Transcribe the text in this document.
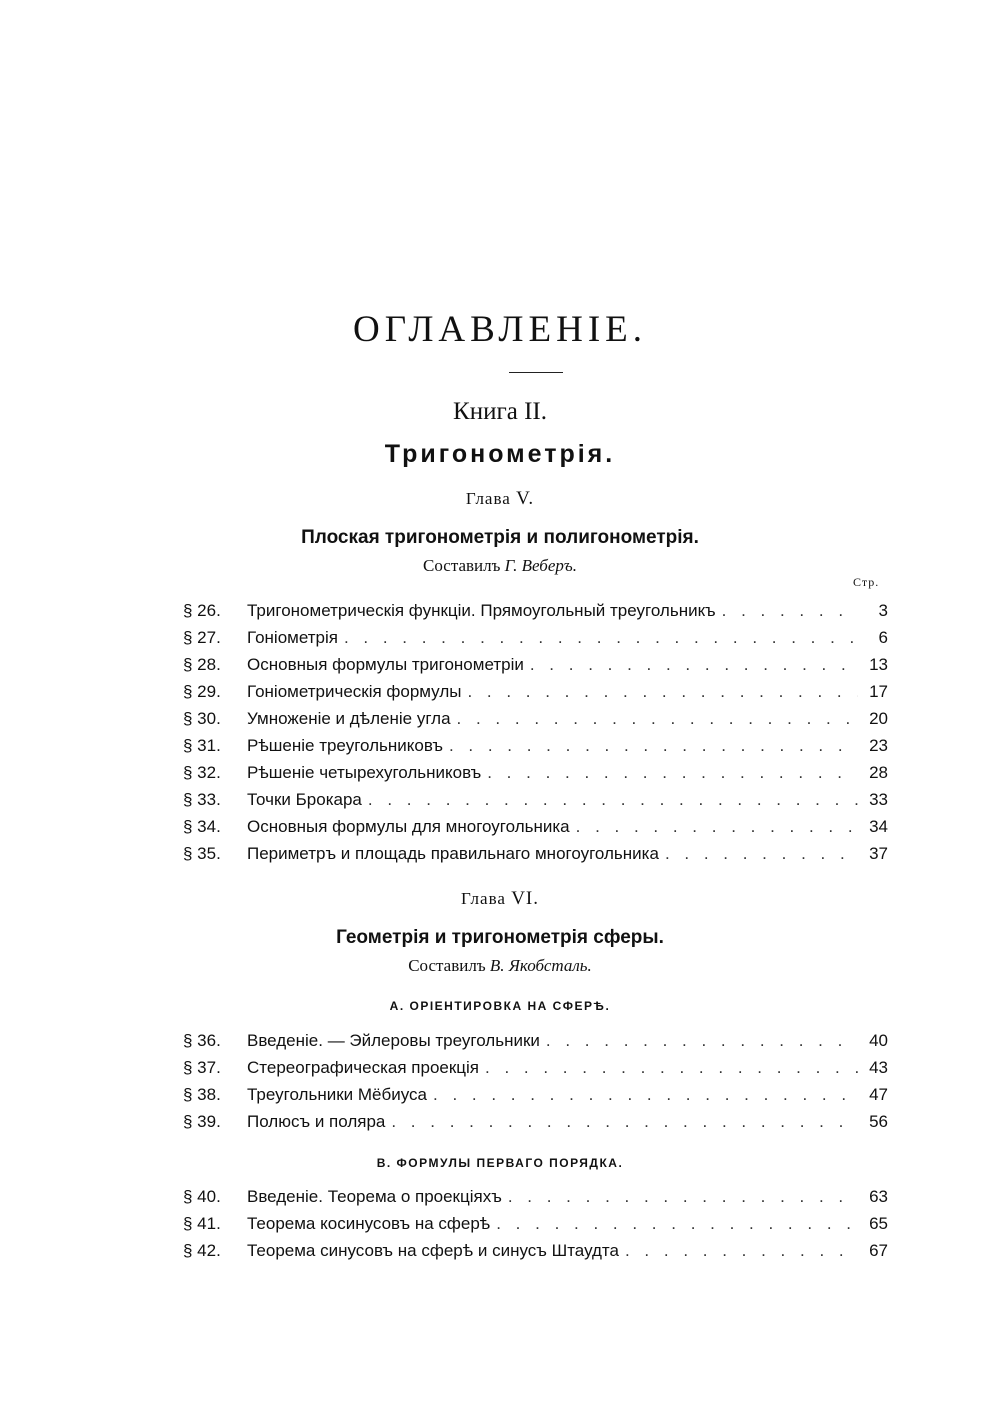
ОГЛАВЛЕНІЕ.
Книга II.
Тригонометрія.
Глава V.
Плоская тригонометрія и полигонометрія.
Составилъ Г. Веберъ.
Стр.
§ 26.	Тригонометрическія функціи. Прямоугольный треугольникъ . . .	3
§ 27.	Гоніометрія . . .	6
§ 28.	Основныя формулы тригонометріи . . .	13
§ 29.	Гоніометрическія формулы . . .	17
§ 30.	Умноженіе и дѣленіе угла . . .	20
§ 31.	Рѣшеніе треугольниковъ . . .	23
§ 32.	Рѣшеніе четырехугольниковъ . . .	28
§ 33.	Точки Брокара . . .	33
§ 34.	Основныя формулы для многоугольника . . .	34
§ 35.	Периметръ и площадь правильнаго многоугольника . . .	37
Глава VI.
Геометрія и тригонометрія сферы.
Составилъ В. Якобсталь.
А. ОРІЕНТИРОВКА НА СФЕРѢ.
§ 36.	Введеніе. — Эйлеровы треугольники . . .	40
§ 37.	Стереографическая проекція . . .	43
§ 38.	Треугольники Мёбиуса . . .	47
§ 39.	Полюсъ и поляра . . .	56
В. ФОРМУЛЫ ПЕРВАГО ПОРЯДКА.
§ 40.	Введеніе. Теорема о проекціяхъ . . .	63
§ 41.	Теорема косинусовъ на сферѣ . . .	65
§ 42.	Теорема синусовъ на сферѣ и синусъ Штаудта . . .	67
